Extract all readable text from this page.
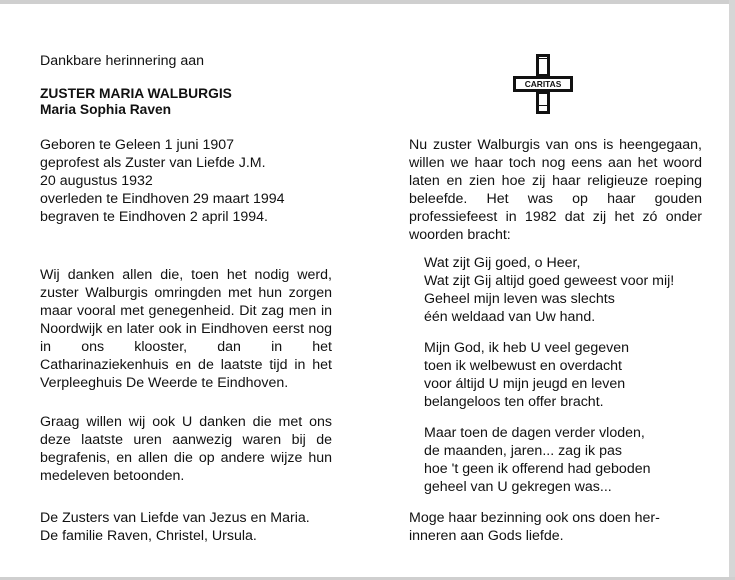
Dankbare herinnering aan

ZUSTER MARIA WALBURGIS
Maria Sophia Raven
Geboren te Geleen 1 juni 1907
geprofest als Zuster van Liefde J.M.
20 augustus 1932
overleden te Eindhoven 29 maart 1994
begraven te Eindhoven 2 april 1994.

Wij danken allen die, toen het nodig werd, zuster Walburgis omringden met hun zorgen maar vooral met genegenheid. Dit zag men in Noordwijk en later ook in Eindhoven eerst nog in ons klooster, dan in het Catharinaziekenhuis en de laatste tijd in het Verpleeghuis De Weerde te Eindhoven.

Graag willen wij ook U danken die met ons deze laatste uren aanwezig waren bij de begrafenis, en allen die op andere wijze hun medeleven betoonden.

De Zusters van Liefde van Jezus en Maria.
De familie Raven, Christel, Ursula.
CARITAS

Nu zuster Walburgis van ons is heengegaan, willen we haar toch nog eens aan het woord laten en zien hoe zij haar religieuze roeping beleefde. Het was op haar gouden professiefeest in 1982 dat zij het zó onder woorden bracht:

Wat zijt Gij goed, o Heer,
Wat zijt Gij altijd goed geweest voor mij!
Geheel mijn leven was slechts
één weldaad van Uw hand.
Mijn God, ik heb U veel gegeven
toen ik welbewust en overdacht
voor áltijd U mijn jeugd en leven
belangeloos ten offer bracht.
Maar toen de dagen verder vloden,
de maanden, jaren... zag ik pas
hoe 't geen ik offerend had geboden
geheel van U gekregen was...
Moge haar bezinning ook ons doen her-
inneren aan Gods liefde.
